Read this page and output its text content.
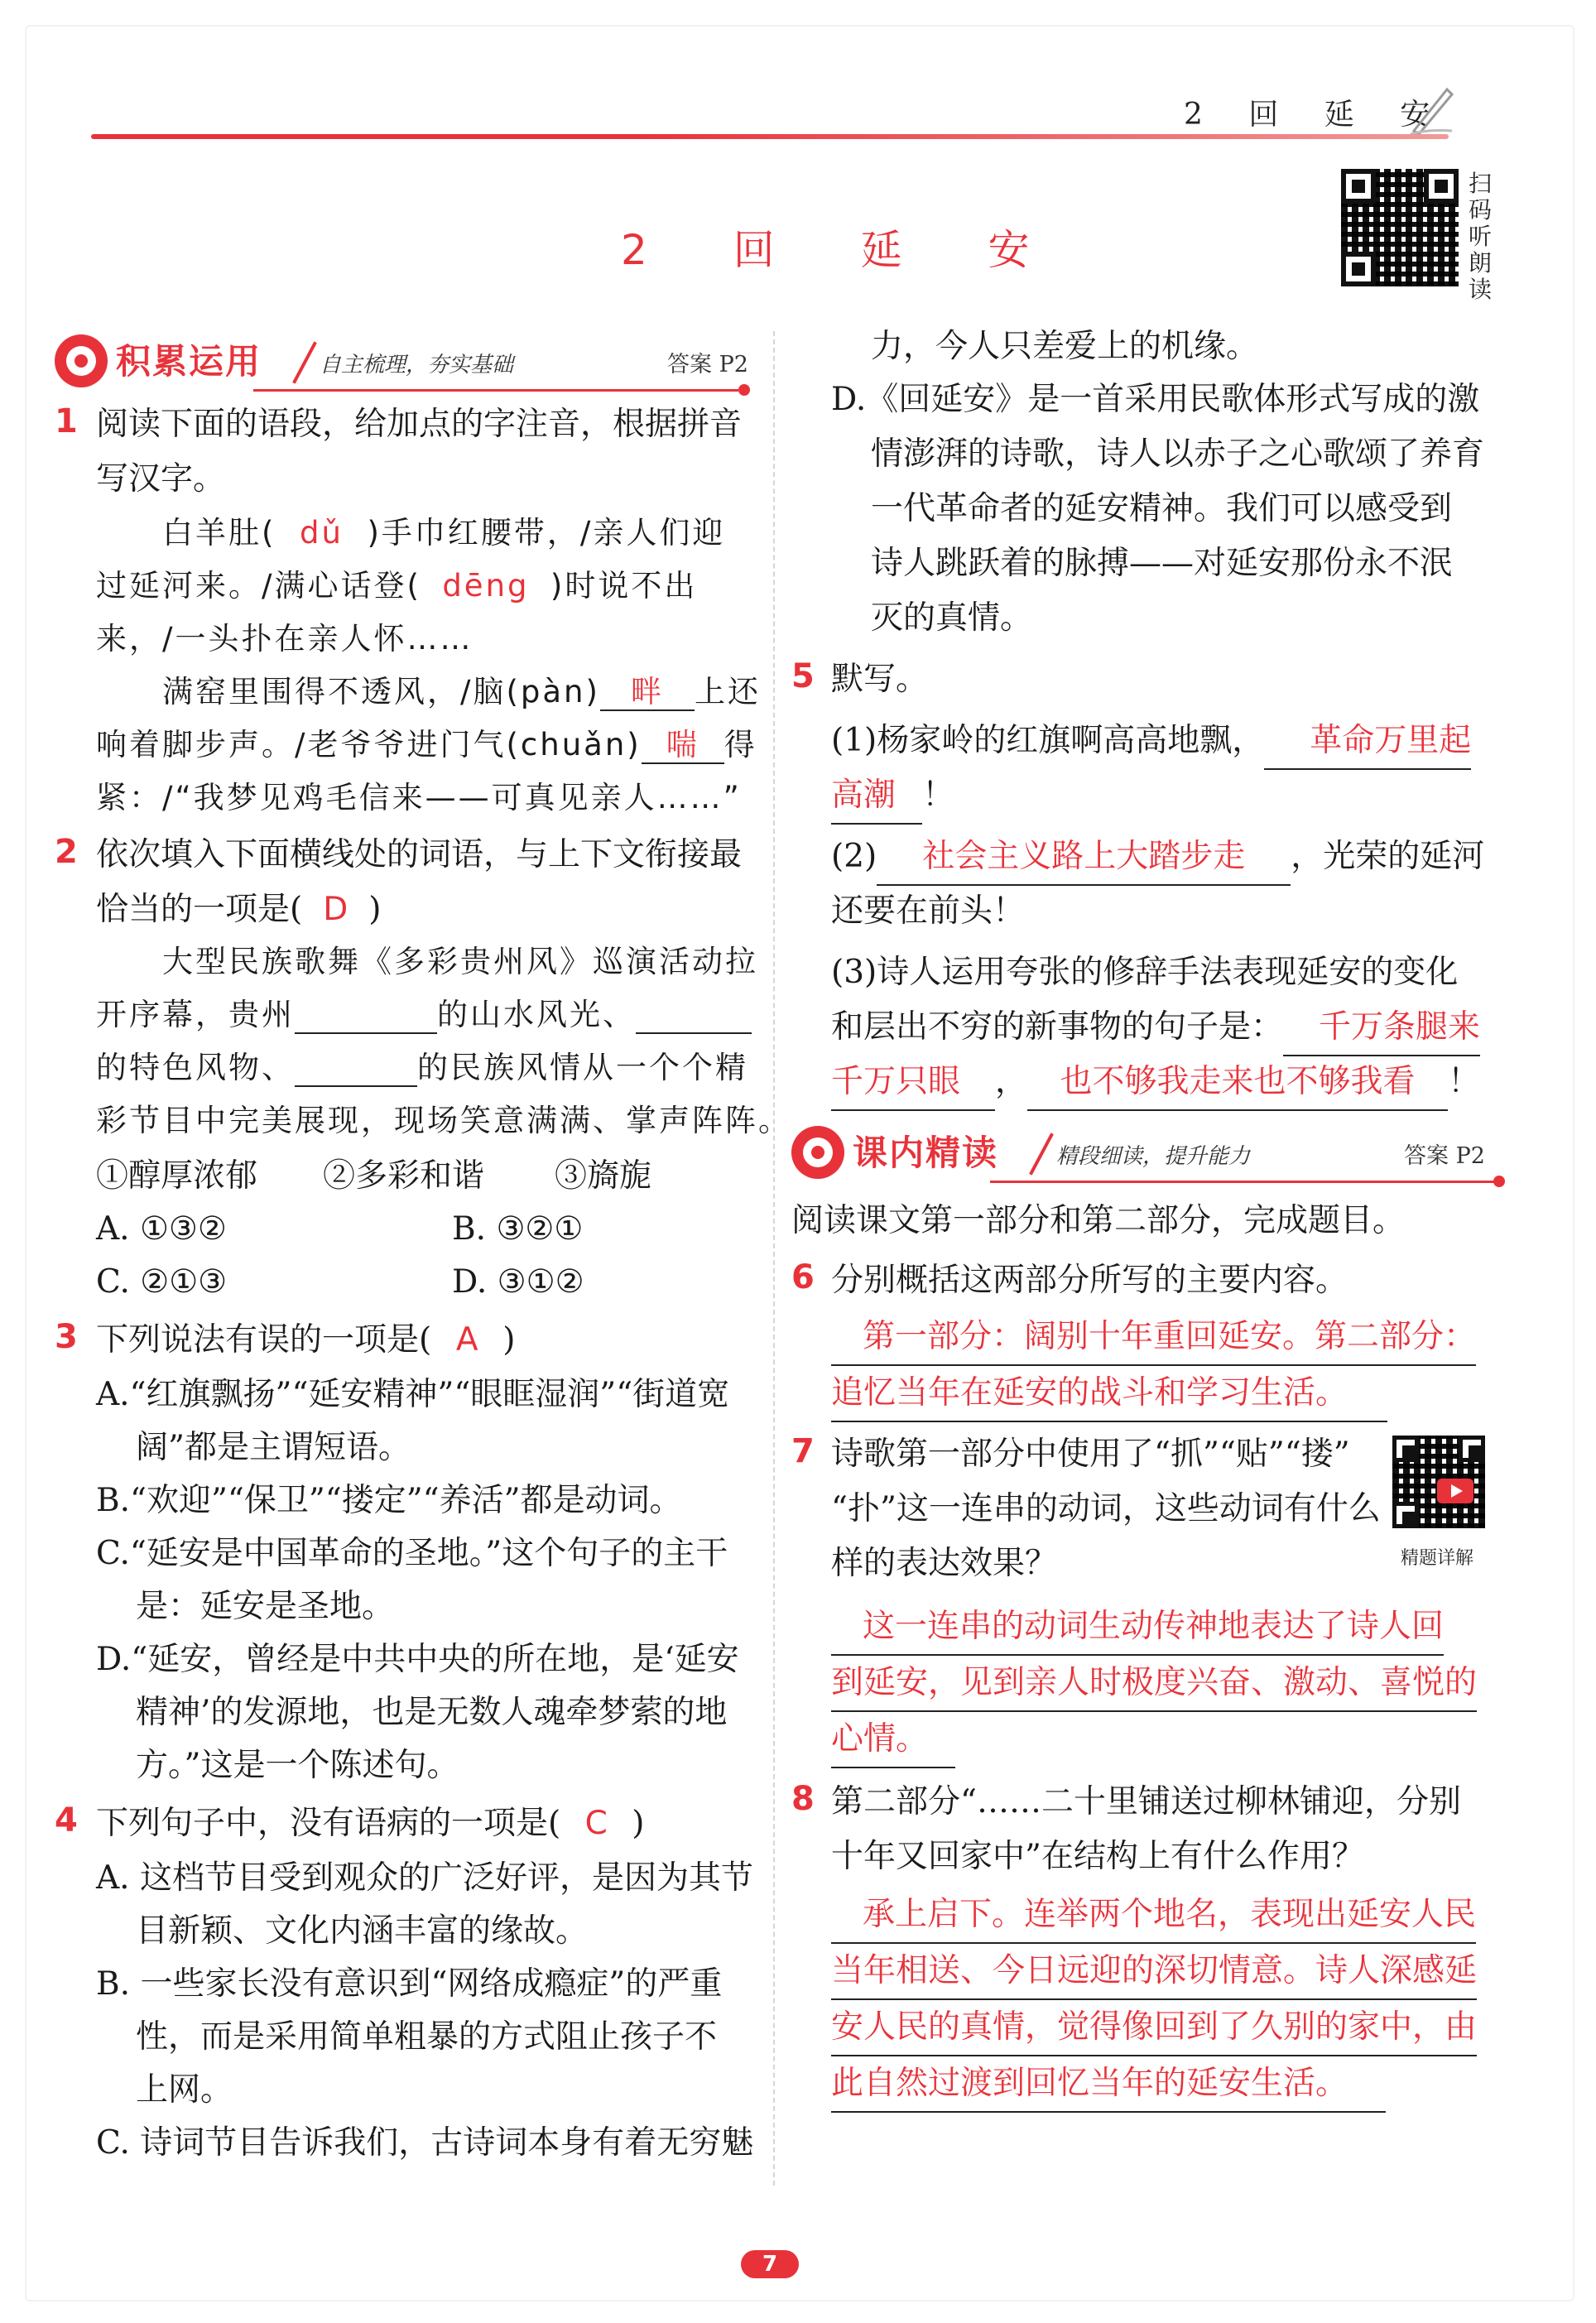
2 回 延 安
2 回 延 安
扫码听朗读
积累运用	自主梳理，夯实基础	答案 P2
1 阅读下面的语段，给加点的字注音，根据拼音
写汉字。
白羊肚( dǔ )手巾红腰带，/亲人们迎
过延河来。/满心话登( dēng )时说不出
来，/一头扑在亲人怀……
满窑里围得不透风，/脑(pàn) 畔 上还
响着脚步声。/老爷爷进门气(chuǎn) 喘 得
紧：/“我梦见鸡毛信来——可真见亲人……”
2 依次填入下面横线处的词语，与上下文衔接最
恰当的一项是( D )
大型民族歌舞《多彩贵州风》巡演活动拉
开序幕，贵州	的山水风光、
的特色风物、	的民族风情从一个个精
彩节目中完美展现，现场笑意满满、掌声阵阵。
①醇厚浓郁 ②多彩和谐 ③旖旎
A. ①③②	B. ③②①
C. ②①③	D. ③①②
3 下列说法有误的一项是( A )
A.“红旗飘扬”“延安精神”“眼眶湿润”“街道宽
阔”都是主谓短语。
B.“欢迎”“保卫”“搂定”“养活”都是动词。
C.“延安是中国革命的圣地。”这个句子的主干
是：延安是圣地。
D.“延安，曾经是中共中央的所在地，是‘延安
精神’的发源地，也是无数人魂牵梦萦的地
方。”这是一个陈述句。
4 下列句子中，没有语病的一项是( C )
A. 这档节目受到观众的广泛好评，是因为其节
目新颖、文化内涵丰富的缘故。
B. 一些家长没有意识到“网络成瘾症”的严重
性，而是采用简单粗暴的方式阻止孩子不
上网。
C. 诗词节目告诉我们，古诗词本身有着无穷魅
力，今人只差爱上的机缘。
D.《回延安》是一首采用民歌体形式写成的激
情澎湃的诗歌，诗人以赤子之心歌颂了养育
一代革命者的延安精神。我们可以感受到
诗人跳跃着的脉搏——对延安那份永不泯
灭的真情。
5 默写。
(1)杨家岭的红旗啊高高地飘， 革命万里起
高潮 ！
(2) 社会主义路上大踏步走 ，光荣的延河
还要在前头！
(3)诗人运用夸张的修辞手法表现延安的变化
和层出不穷的新事物的句子是： 千万条腿来
千万只眼 ， 也不够我走来也不够我看 ！
课内精读	精段细读，提升能力	答案 P2
阅读课文第一部分和第二部分，完成题目。
6 分别概括这两部分所写的主要内容。
第一部分：阔别十年重回延安。第二部分：
追忆当年在延安的战斗和学习生活。
7 诗歌第一部分中使用了“抓”“贴”“搂”
“扑”这一连串的动词，这些动词有什么
样的表达效果？	精题详解
这一连串的动词生动传神地表达了诗人回
到延安，见到亲人时极度兴奋、激动、喜悦的
心情。
8 第二部分“……二十里铺送过柳林铺迎，分别
十年又回家中”在结构上有什么作用？
承上启下。连举两个地名，表现出延安人民
当年相送、今日远迎的深切情意。诗人深感延
安人民的真情，觉得像回到了久别的家中，由
此自然过渡到回忆当年的延安生活。
7
